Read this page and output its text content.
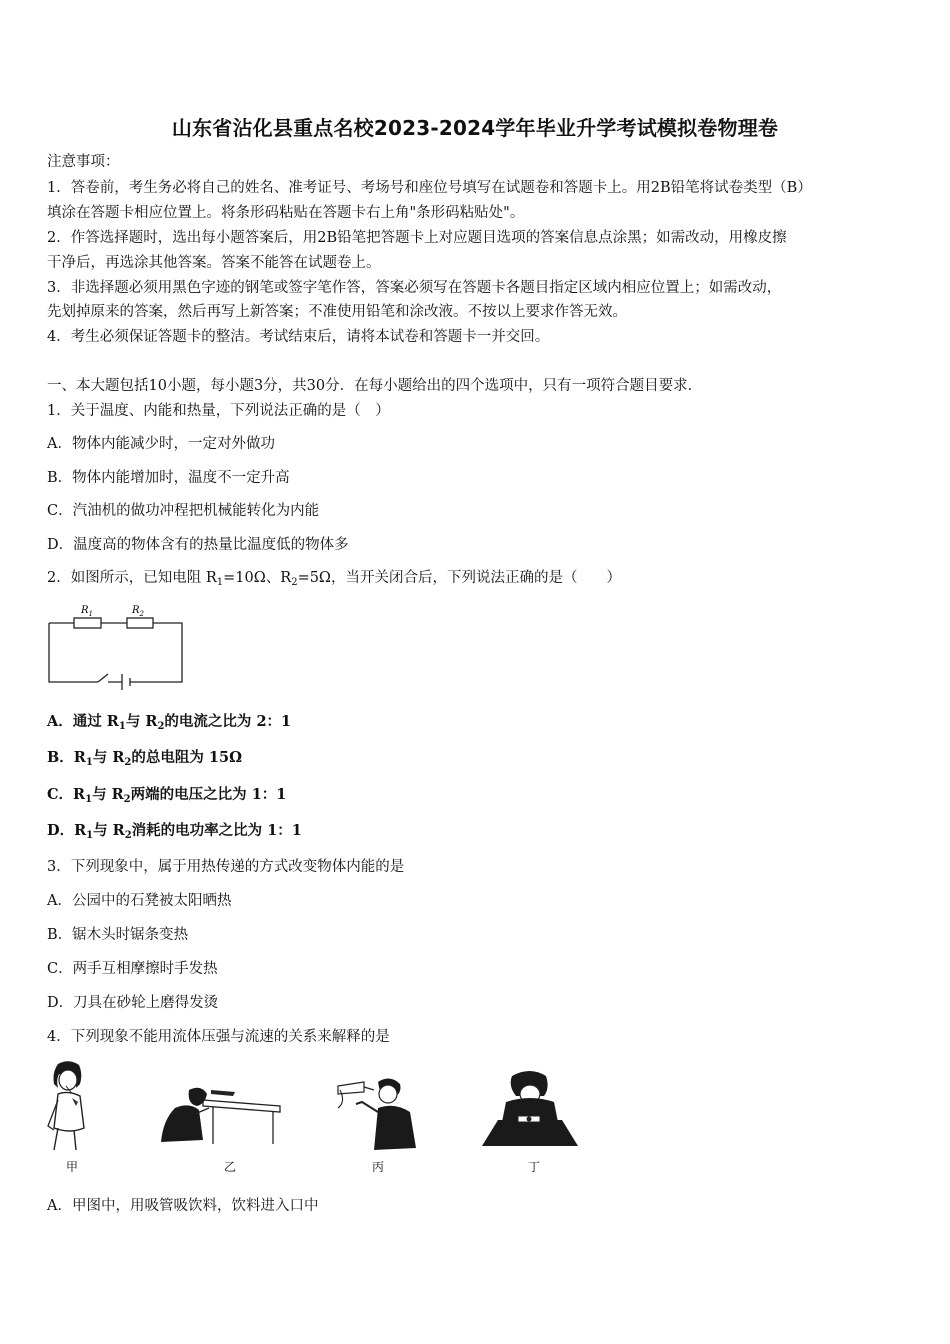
山东省沾化县重点名校2023-2024学年毕业升学考试模拟卷物理卷
注意事项：
1．答卷前，考生务必将自己的姓名、准考证号、考场号和座位号填写在试题卷和答题卡上。用2B铅笔将试卷类型（B）
填涂在答题卡相应位置上。将条形码粘贴在答题卡右上角"条形码粘贴处"。
2．作答选择题时，选出每小题答案后，用2B铅笔把答题卡上对应题目选项的答案信息点涂黑；如需改动，用橡皮擦
干净后，再选涂其他答案。答案不能答在试题卷上。
3．非选择题必须用黑色字迹的钢笔或签字笔作答，答案必须写在答题卡各题目指定区域内相应位置上；如需改动，
先划掉原来的答案，然后再写上新答案；不准使用铅笔和涂改液。不按以上要求作答无效。
4．考生必须保证答题卡的整洁。考试结束后，请将本试卷和答题卡一并交回。
一、本大题包括10小题，每小题3分，共30分．在每小题给出的四个选项中，只有一项符合题目要求．
1．关于温度、内能和热量，下列说法正确的是（　）
A．物体内能减少时，一定对外做功
B．物体内能增加时，温度不一定升高
C．汽油机的做功冲程把机械能转化为内能
D．温度高的物体含有的热量比温度低的物体多
2．如图所示，已知电阻 $R_1=10\Omega$、$R_2=5\Omega$，当开关闭合后，下列说法正确的是（　　）
$R_1$	$R_2$
A．通过 $R_1$与 $R_2$的电流之比为 2：1
B．$R_1$与 $R_2$的总电阻为 15Ω
C．$R_1$与 $R_2$两端的电压之比为 1：1
D．$R_1$与 $R_2$消耗的电功率之比为 1：1
3．下列现象中，属于用热传递的方式改变物体内能的是
A．公园中的石凳被太阳晒热
B．锯木头时锯条变热
C．两手互相摩擦时手发热
D．刀具在砂轮上磨得发烫
4．下列现象不能用流体压强与流速的关系来解释的是
甲	乙	丙	丁
A．甲图中，用吸管吸饮料，饮料进入口中
